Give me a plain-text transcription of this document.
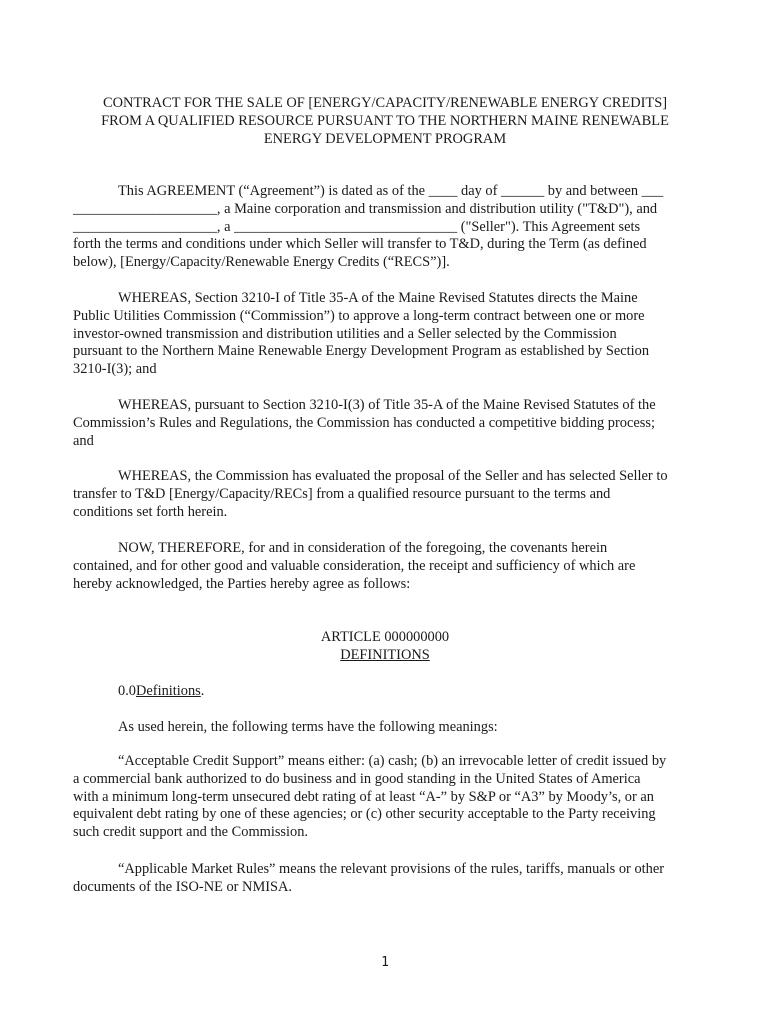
CONTRACT FOR THE SALE OF [ENERGY/CAPACITY/RENEWABLE ENERGY CREDITS]
FROM A QUALIFIED RESOURCE PURSUANT TO THE NORTHERN MAINE RENEWABLE
ENERGY DEVELOPMENT PROGRAM
This AGREEMENT (“Agreement”) is dated as of the ____ day of ______ by and between ___
____________________, a Maine corporation and transmission and distribution utility ("T&D"), and
____________________, a _______________________________ ("Seller"). This Agreement sets
forth the terms and conditions under which Seller will transfer to T&D, during the Term (as defined
below), [Energy/Capacity/Renewable Energy Credits (“RECS”)].
WHEREAS, Section 3210-I of Title 35-A of the Maine Revised Statutes directs the Maine
Public Utilities Commission (“Commission”) to approve a long-term contract between one or more
investor-owned transmission and distribution utilities and a Seller selected by the Commission
pursuant to the Northern Maine Renewable Energy Development Program as established by Section
3210-I(3); and
WHEREAS, pursuant to Section 3210-I(3) of Title 35-A of the Maine Revised Statutes of the
Commission’s Rules and Regulations, the Commission has conducted a competitive bidding process;
and
WHEREAS, the Commission has evaluated the proposal of the Seller and has selected Seller to
transfer to T&D [Energy/Capacity/RECs] from a qualified resource pursuant to the terms and
conditions set forth herein.
NOW, THEREFORE, for and in consideration of the foregoing, the covenants herein
contained, and for other good and valuable consideration, the receipt and sufficiency of which are
hereby acknowledged, the Parties hereby agree as follows:
ARTICLE 000000000
DEFINITIONS
0.0Definitions.
As used herein, the following terms have the following meanings:
“Acceptable Credit Support” means either: (a) cash; (b) an irrevocable letter of credit issued by
a commercial bank authorized to do business and in good standing in the United States of America
with a minimum long-term unsecured debt rating of at least “A-” by S&P or “A3” by Moody’s, or an
equivalent debt rating by one of these agencies; or (c) other security acceptable to the Party receiving
such credit support and the Commission.
“Applicable Market Rules” means the relevant provisions of the rules, tariffs, manuals or other
documents of the ISO-NE or NMISA.
1
